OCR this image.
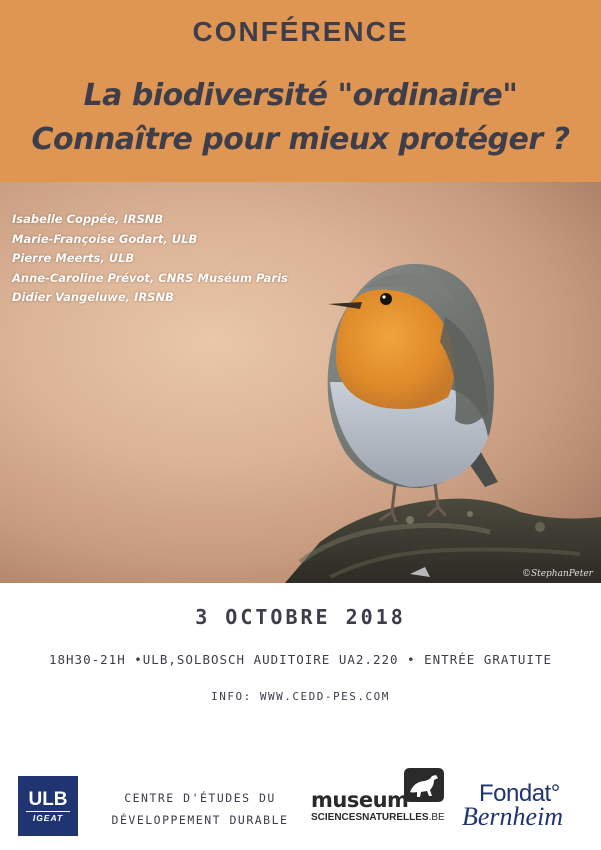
CONFÉRENCE
La biodiversité "ordinaire"
Connaître pour mieux protéger ?
Isabelle Coppée, IRSNB
Marie-Françoise Godart, ULB
Pierre Meerts, ULB
Anne-Caroline Prévot, CNRS Muséum Paris
Didier Vangeluwe, IRSNB
©StephanPeter
3 OCTOBRE 2018
18H30-21H •ULB,SOLBOSCH AUDITOIRE UA2.220 • ENTRÉE GRATUITE
INFO: WWW.CEDD-PES.COM
ULB
IGEAT
CENTRE D'ÉTUDES DU
DÉVELOPPEMENT DURABLE
museum
SCIENCESNATURELLES.BE
Fondat°
Bernheim
